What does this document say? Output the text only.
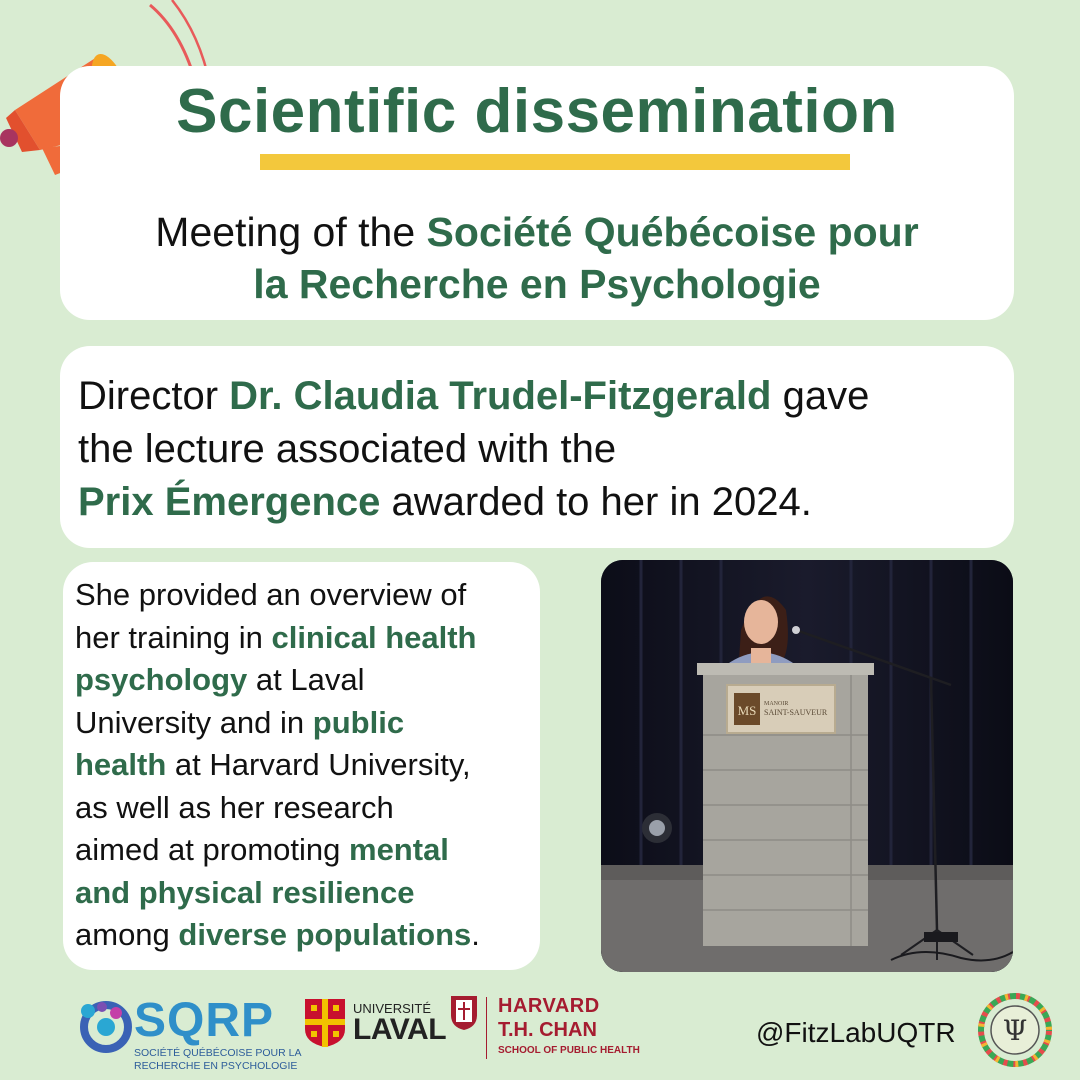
Scientific dissemination
Meeting of the Société Québécoise pour
la Recherche en Psychologie
Director Dr. Claudia Trudel-Fitzgerald gave
the lecture associated with the
Prix Émergence awarded to her in 2024.
She provided an overview of
her training in clinical health
psychology at Laval
University and in public
health at Harvard University,
as well as her research
aimed at promoting mental
and physical resilience
among diverse populations.
MS MANOIR
SAINT-SAUVEUR
SQRP
SOCIÉTÉ QUÉBÉCOISE POUR LA
RECHERCHE EN PSYCHOLOGIE
UNIVERSITÉ
LAVAL
HARVARD
T.H. CHAN
SCHOOL OF PUBLIC HEALTH
Ψ
@FitzLabUQTR
